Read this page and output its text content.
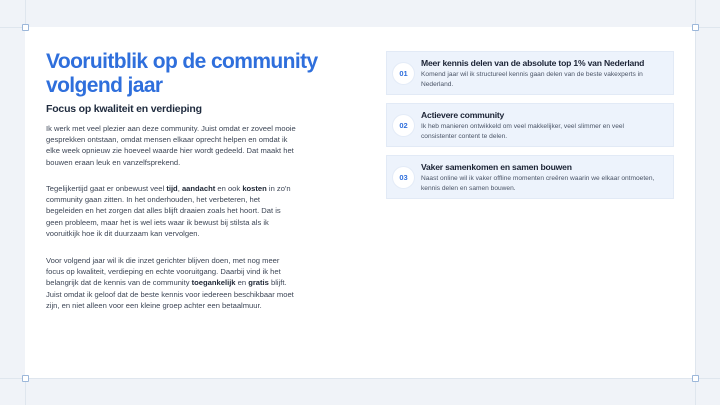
Vooruitblik op de community volgend jaar
Focus op kwaliteit en verdieping
Ik werk met veel plezier aan deze community. Juist omdat er zoveel mooie gesprekken ontstaan, omdat mensen elkaar oprecht helpen en omdat ik elke week opnieuw zie hoeveel waarde hier wordt gedeeld. Dat maakt het bouwen eraan leuk en vanzelfsprekend.
Tegelijkertijd gaat er onbewust veel tijd, aandacht en ook kosten in zo'n community gaan zitten. In het onderhouden, het verbeteren, het begeleiden en het zorgen dat alles blijft draaien zoals het hoort. Dat is geen probleem, maar het is wel iets waar ik bewust bij stilsta als ik vooruitkijk hoe ik dit duurzaam kan vervolgen.
Voor volgend jaar wil ik die inzet gerichter blijven doen, met nog meer focus op kwaliteit, verdieping en echte vooruitgang. Daarbij vind ik het belangrijk dat de kennis van de community toegankelijk en gratis blijft. Juist omdat ik geloof dat de beste kennis voor iedereen beschikbaar moet zijn, en niet alleen voor een kleine groep achter een betaalmuur.
01
Meer kennis delen van de absolute top 1% van Nederland
Komend jaar wil ik structureel kennis gaan delen van de beste vakexperts in Nederland.
02
Actievere community
Ik heb manieren ontwikkeld om veel makkelijker, veel slimmer en veel consistenter content te delen.
03
Vaker samenkomen en samen bouwen
Naast online wil ik vaker offline momenten creëren waarin we elkaar ontmoeten, kennis delen en samen bouwen.
